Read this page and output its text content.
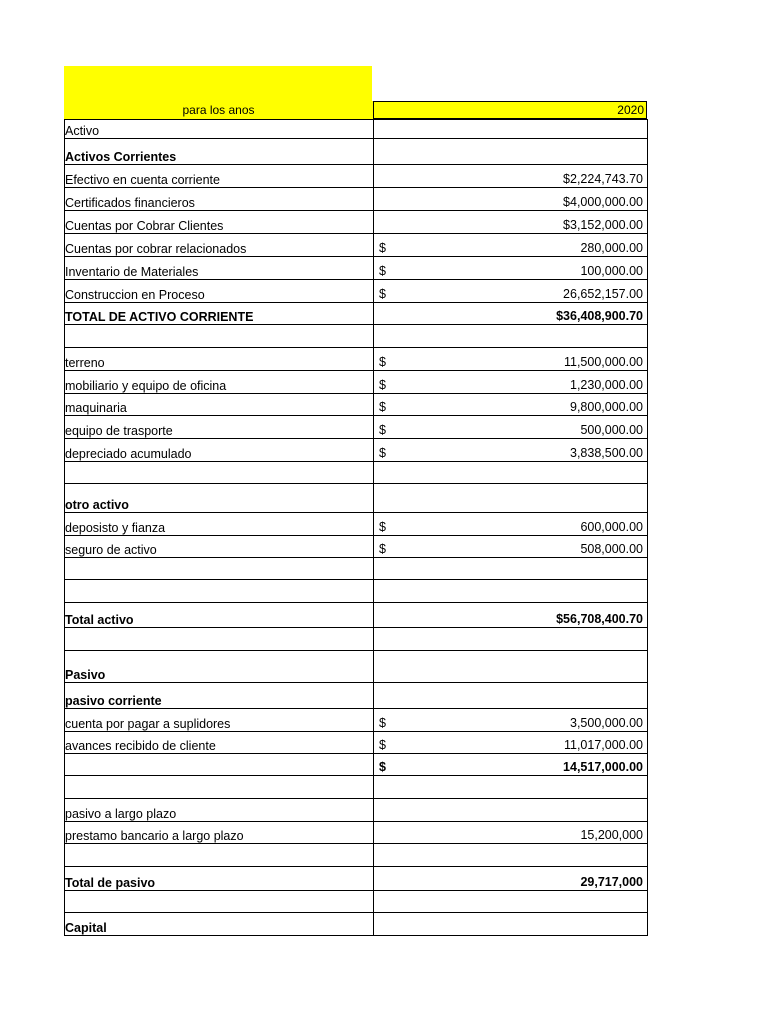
para los anos	2020
Activo	

Activos Corrientes	

Efectivo en cuenta corriente	$2,224,743.70

Certificados financieros	$4,000,000.00

Cuentas por Cobrar Clientes	$3,152,000.00

Cuentas por cobrar relacionados	$ 280,000.00

Inventario de Materiales	$ 100,000.00

Construccion en Proceso	$ 26,652,157.00

TOTAL DE ACTIVO CORRIENTE	$36,408,900.70

terreno	$ 11,500,000.00

mobiliario y equipo de oficina	$ 1,230,000.00

maquinaria	$ 9,800,000.00

equipo de trasporte	$ 500,000.00

depreciado acumulado	$ 3,838,500.00

otro activo	

deposisto y fianza	$ 600,000.00

seguro de activo	$ 508,000.00

Total activo	$56,708,400.70

Pasivo	

pasivo corriente	

cuenta por pagar a suplidores	$ 3,500,000.00

avances recibido de cliente	$ 11,017,000.00

	$ 14,517,000.00

pasivo a largo plazo	

prestamo bancario a largo plazo	15,200,000

Total de pasivo	29,717,000

Capital	
